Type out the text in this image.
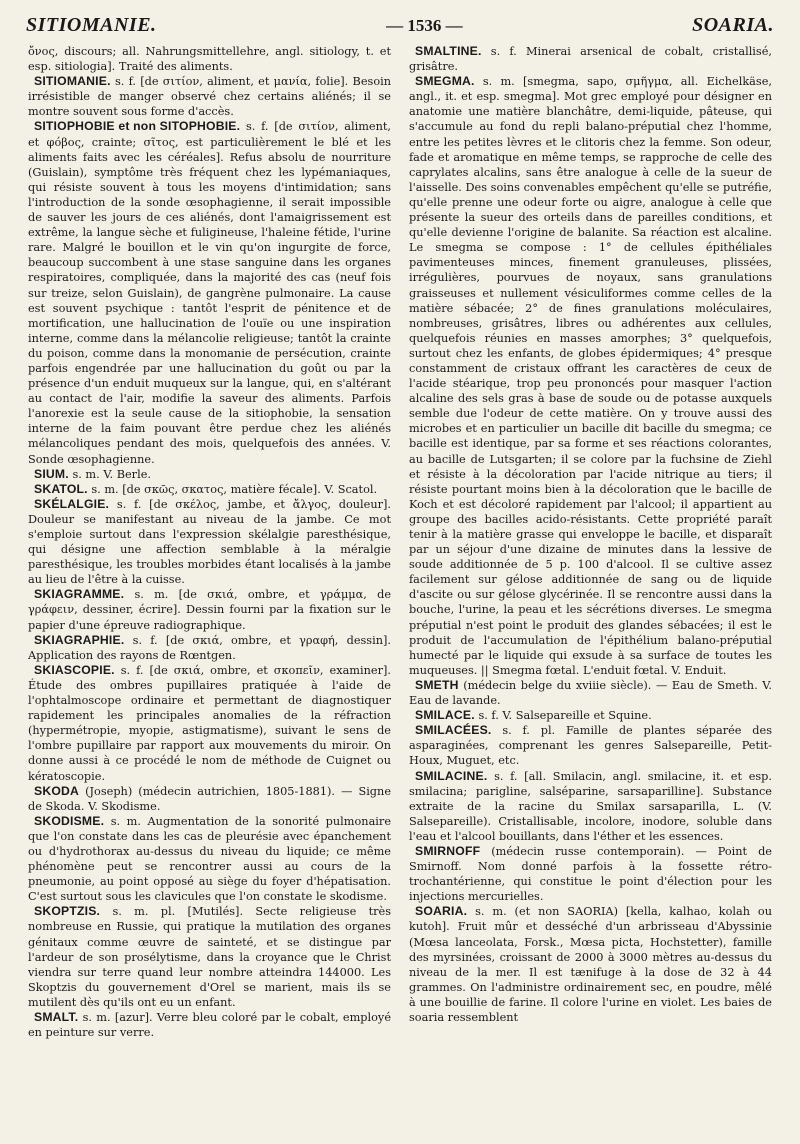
SITIOMANIE.	— 1536 —	SOARIA.

ὄνος, discours; all. Nahrungsmittellehre, angl. sitiology, t. et esp. sitiologia]. Traité des aliments.

SITIOMANIE. s. f. [de σιτίον, aliment, et μανία, folie]. Besoin irrésistible de manger observé chez certains aliénés; il se montre souvent sous forme d'accès.

SITIOPHOBIE et non SITOPHOBIE. s. f. [de σιτίον, aliment, et φόβος, crainte; σῖτος, est particulièrement le blé et les aliments faits avec les céréales]. Refus absolu de nourriture (Guislain), symptôme très fréquent chez les lypémaniaques, qui résiste souvent à tous les moyens d'intimidation; sans l'introduction de la sonde œsophagienne, il serait impossible de sauver les jours de ces aliénés, dont l'amaigrissement est extrême, la langue sèche et fuligineuse, l'haleine fétide, l'urine rare. Malgré le bouillon et le vin qu'on ingurgite de force, beaucoup succombent à une stase sanguine dans les organes respiratoires, compliquée, dans la majorité des cas (neuf fois sur treize, selon Guislain), de gangrène pulmonaire. La cause est souvent psychique : tantôt l'esprit de pénitence et de mortification, une hallucination de l'ouïe ou une inspiration interne, comme dans la mélancolie religieuse; tantôt la crainte du poison, comme dans la monomanie de persécution, crainte parfois engendrée par une hallucination du goût ou par la présence d'un enduit muqueux sur la langue, qui, en s'altérant au contact de l'air, modifie la saveur des aliments. Parfois l'anorexie est la seule cause de la sitiophobie, la sensation interne de la faim pouvant être perdue chez les aliénés mélancoliques pendant des mois, quelquefois des années. V. Sonde œsophagienne.

SIUM. s. m. V. Berle.

SKATOL. s. m. [de σκῶς, σκατος, matière fécale]. V. Scatol.

SKÉLALGIE. s. f. [de σκέλος, jambe, et ἄλγος, douleur]. Douleur se manifestant au niveau de la jambe. Ce mot s'emploie surtout dans l'expression skélalgie paresthésique, qui désigne une affection semblable à la méralgie paresthésique, les troubles morbides étant localisés à la jambe au lieu de l'être à la cuisse.

SKIAGRAMME. s. m. [de σκιά, ombre, et γράμμα, de γράφειν, dessiner, écrire]. Dessin fourni par la fixation sur le papier d'une épreuve radiographique.

SKIAGRAPHIE. s. f. [de σκιά, ombre, et γραφή, dessin]. Application des rayons de Rœntgen.

SKIASCOPIE. s. f. [de σκιά, ombre, et σκοπεῖν, examiner]. Étude des ombres pupillaires pratiquée à l'aide de l'ophtalmoscope ordinaire et permettant de diagnostiquer rapidement les principales anomalies de la réfraction (hypermétropie, myopie, astigmatisme), suivant le sens de l'ombre pupillaire par rapport aux mouvements du miroir. On donne aussi à ce procédé le nom de méthode de Cuignet ou kératoscopie.

SKODA (Joseph) (médecin autrichien, 1805-1881). — Signe de Skoda. V. Skodisme.

SKODISME. s. m. Augmentation de la sonorité pulmonaire que l'on constate dans les cas de pleurésie avec épanchement ou d'hydrothorax au-dessus du niveau du liquide; ce même phénomène peut se rencontrer aussi au cours de la pneumonie, au point opposé au siège du foyer d'hépatisation. C'est surtout sous les clavicules que l'on constate le skodisme.

SKOPTZIS. s. m. pl. [Mutilés]. Secte religieuse très nombreuse en Russie, qui pratique la mutilation des organes génitaux comme œuvre de sainteté, et se distingue par l'ardeur de son prosélytisme, dans la croyance que le Christ viendra sur terre quand leur nombre atteindra 144000. Les Skoptzis du gouvernement d'Orel se marient, mais ils se mutilent dès qu'ils ont eu un enfant.

SMALT. s. m. [azur]. Verre bleu coloré par le cobalt, employé en peinture sur verre.

SMALTINE. s. f. Minerai arsenical de cobalt, cristallisé, grisâtre.

SMEGMA. s. m. [smegma, sapo, σμῆγμα, all. Eichelkäse, angl., it. et esp. smegma]. Mot grec employé pour désigner en anatomie une matière blanchâtre, demi-liquide, pâteuse, qui s'accumule au fond du repli balano-préputial chez l'homme, entre les petites lèvres et le clitoris chez la femme. Son odeur, fade et aromatique en même temps, se rapproche de celle des caprylates alcalins, sans être analogue à celle de la sueur de l'aisselle. Des soins convenables empêchent qu'elle se putréfie, qu'elle prenne une odeur forte ou aigre, analogue à celle que présente la sueur des orteils dans de pareilles conditions, et qu'elle devienne l'origine de balanite. Sa réaction est alcaline. Le smegma se compose : 1° de cellules épithéliales pavimenteuses minces, finement granuleuses, plissées, irrégulières, pourvues de noyaux, sans granulations graisseuses et nullement vésiculiformes comme celles de la matière sébacée; 2° de fines granulations moléculaires, nombreuses, grisâtres, libres ou adhérentes aux cellules, quelquefois réunies en masses amorphes; 3° quelquefois, surtout chez les enfants, de globes épidermiques; 4° presque constamment de cristaux offrant les caractères de ceux de l'acide stéarique, trop peu prononcés pour masquer l'action alcaline des sels gras à base de soude ou de potasse auxquels semble due l'odeur de cette matière. On y trouve aussi des microbes et en particulier un bacille dit bacille du smegma; ce bacille est identique, par sa forme et ses réactions colorantes, au bacille de Lutsgarten; il se colore par la fuchsine de Ziehl et résiste à la décoloration par l'acide nitrique au tiers; il résiste pourtant moins bien à la décoloration que le bacille de Koch et est décoloré rapidement par l'alcool; il appartient au groupe des bacilles acido-résistants. Cette propriété paraît tenir à la matière grasse qui enveloppe le bacille, et disparaît par un séjour d'une dizaine de minutes dans la lessive de soude additionnée de 5 p. 100 d'alcool. Il se cultive assez facilement sur gélose additionnée de sang ou de liquide d'ascite ou sur gélose glycérinée. Il se rencontre aussi dans la bouche, l'urine, la peau et les sécrétions diverses. Le smegma préputial n'est point le produit des glandes sébacées; il est le produit de l'accumulation de l'épithélium balano-préputial humecté par le liquide qui exsude à sa surface de toutes les muqueuses. || Smegma fœtal. L'enduit fœtal. V. Enduit.

SMETH (médecin belge du xviiie siècle). — Eau de Smeth. V. Eau de lavande.

SMILACE. s. f. V. Salsepareille et Squine.

SMILACÉES. s. f. pl. Famille de plantes séparée des asparaginées, comprenant les genres Salsepareille, Petit-Houx, Muguet, etc.

SMILACINE. s. f. [all. Smilacin, angl. smilacine, it. et esp. smilacina; parigline, salséparine, sarsaparilline]. Substance extraite de la racine du Smilax sarsaparilla, L. (V. Salsepareille). Cristallisable, incolore, inodore, soluble dans l'eau et l'alcool bouillants, dans l'éther et les essences.

SMIRNOFF (médecin russe contemporain). — Point de Smirnoff. Nom donné parfois à la fossette rétro-trochantérienne, qui constitue le point d'élection pour les injections mercurielles.

SOARIA. s. m. (et non SAORIA) [kella, kalhao, kolah ou kutoh]. Fruit mûr et desséché d'un arbrisseau d'Abyssinie (Mœsa lanceolata, Forsk., Mœsa picta, Hochstetter), famille des myrsinées, croissant de 2000 à 3000 mètres au-dessus du niveau de la mer. Il est tænifuge à la dose de 32 à 44 grammes. On l'administre ordinairement sec, en poudre, mêlé à une bouillie de farine. Il colore l'urine en violet. Les baies de soaria ressemblent
